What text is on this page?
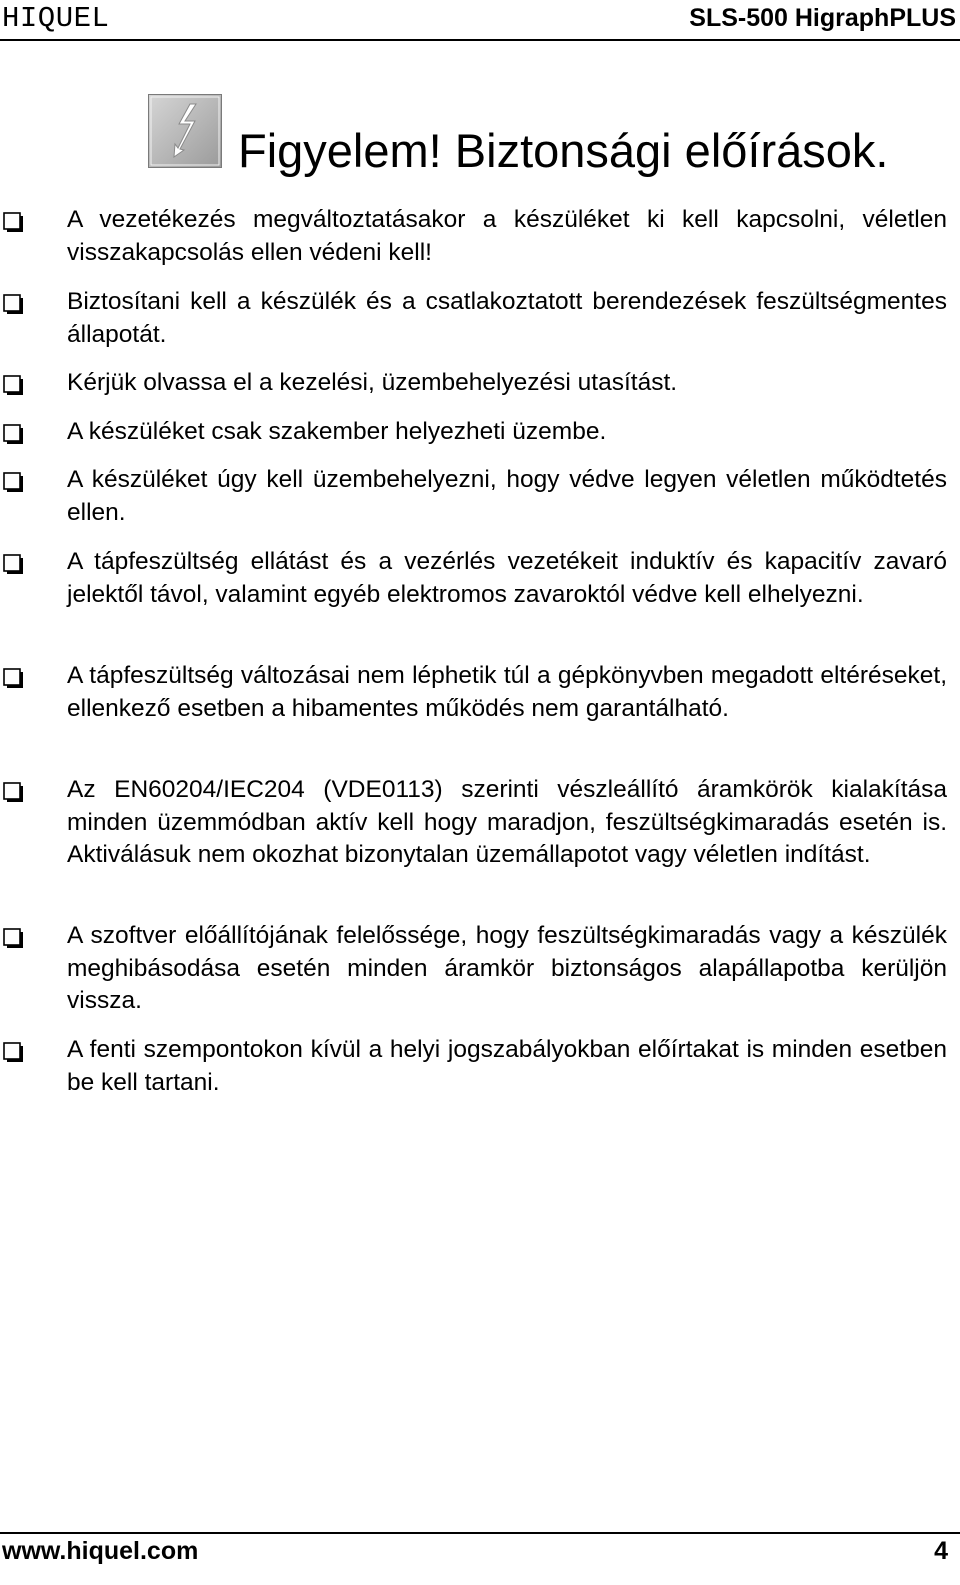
HIQUEL	SLS-500 HigraphPLUS
Figyelem! Biztonsági előírások.
A vezetékezés megváltoztatásakor a készüléket ki kell kapcsolni, véletlen visszakapcsolás ellen védeni kell!
Biztosítani kell a készülék és a csatlakoztatott berendezések feszültségmentes állapotát.
Kérjük olvassa el a kezelési, üzembehelyezési utasítást.
A készüléket csak szakember helyezheti üzembe.
A készüléket úgy kell üzembehelyezni, hogy védve legyen véletlen működtetés ellen.
A tápfeszültség ellátást és a vezérlés vezetékeit induktív és kapacitív zavaró jelektől távol, valamint egyéb elektromos zavaroktól védve kell elhelyezni.
A tápfeszültség változásai nem léphetik túl a gépkönyvben megadott eltéréseket, ellenkező esetben a hibamentes működés nem garantálható.
Az EN60204/IEC204 (VDE0113) szerinti vészleállító áramkörök kialakítása minden üzemmódban aktív kell hogy maradjon, feszültségkimaradás esetén is. Aktiválásuk nem okozhat bizonytalan üzemállapotot vagy véletlen indítást.
A szoftver előállítójának felelőssége, hogy feszültségkimaradás vagy a készülék meghibásodása esetén minden áramkör biztonságos alapállapotba kerüljön vissza.
A fenti szempontokon kívül a helyi jogszabályokban előírtakat is minden esetben be kell tartani.
www.hiquel.com	4
